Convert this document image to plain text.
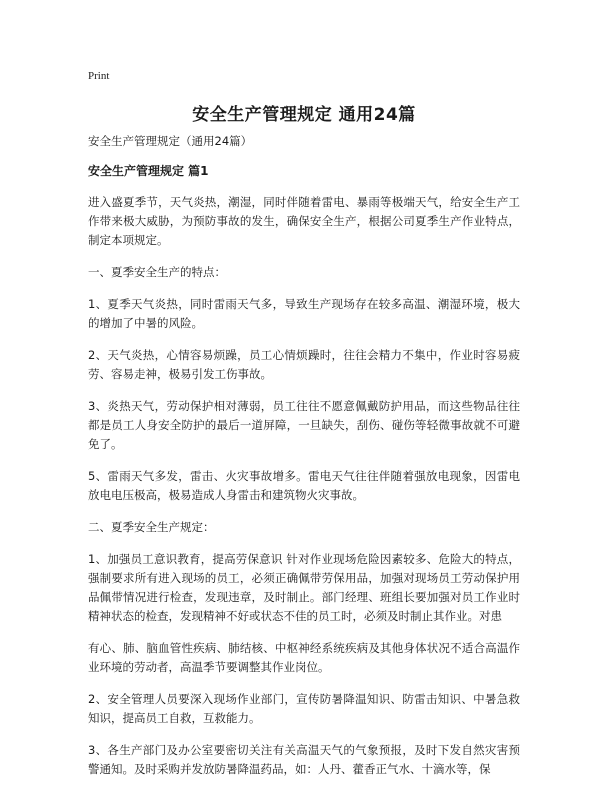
Print
安全生产管理规定 通用24篇

安全生产管理规定（通用24篇）

安全生产管理规定 篇1

进入盛夏季节，天气炎热，潮湿，同时伴随着雷电、暴雨等极端天气，给安全生产工作带来极大威胁，为预防事故的发生，确保安全生产，根据公司夏季生产作业特点，制定本项规定。

一、夏季安全生产的特点：

1、夏季天气炎热，同时雷雨天气多，导致生产现场存在较多高温、潮湿环境，极大的增加了中暑的风险。

2、天气炎热，心情容易烦躁，员工心情烦躁时，往往会精力不集中，作业时容易疲劳、容易走神，极易引发工伤事故。

3、炎热天气，劳动保护相对薄弱，员工往往不愿意佩戴防护用品，而这些物品往往都是员工人身安全防护的最后一道屏障，一旦缺失，刮伤、碰伤等轻微事故就不可避免了。

5、雷雨天气多发，雷击、火灾事故增多。雷电天气往往伴随着强放电现象，因雷电放电电压极高，极易造成人身雷击和建筑物火灾事故。

二、夏季安全生产规定：

1、加强员工意识教育，提高劳保意识 针对作业现场危险因素较多、危险大的特点，强制要求所有进入现场的员工，必须正确佩带劳保用品，加强对现场员工劳动保护用品佩带情况进行检查，发现违章，及时制止。部门经理、班组长要加强对员工作业时精神状态的检查，发现精神不好或状态不佳的员工时，必须及时制止其作业。对患

有心、肺、脑血管性疾病、肺结核、中枢神经系统疾病及其他身体状况不适合高温作业环境的劳动者，高温季节要调整其作业岗位。

2、安全管理人员要深入现场作业部门，宣传防暑降温知识、防雷击知识、中暑急救知识，提高员工自救，互救能力。

3、各生产部门及办公室要密切关注有关高温天气的气象预报，及时下发自然灾害预警通知。及时采购并发放防暑降温药品，如：人丹、藿香正气水、十滴水等，保
